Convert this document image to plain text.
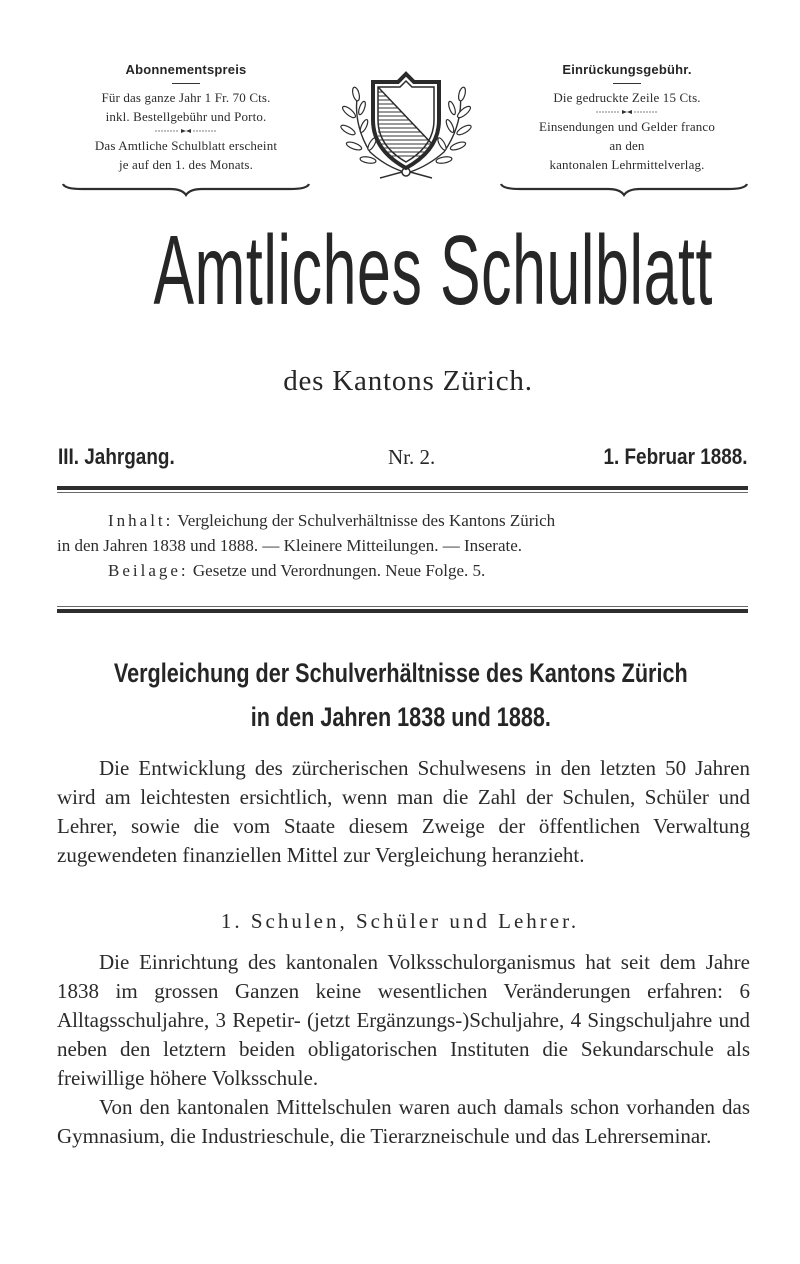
Abonnementspreis
Für das ganze Jahr 1 Fr. 70 Cts.
inkl. Bestellgebühr und Porto.
Das Amtliche Schulblatt erscheint
je auf den 1. des Monats.
Einrückungsgebühr.
Die gedruckte Zeile 15 Cts.
Einsendungen und Gelder franco
an den
kantonalen Lehrmittelverlag.
Amtliches Schulblatt
des Kantons Zürich.
III. Jahrgang.	Nr. 2.	1. Februar 1888.
Inhalt: Vergleichung der Schulverhältnisse des Kantons Zürich
in den Jahren 1838 und 1888. — Kleinere Mitteilungen. — Inserate.
Beilage: Gesetze und Verordnungen. Neue Folge. 5.
Vergleichung der Schulverhältnisse des Kantons Zürich
in den Jahren 1838 und 1888.

Die Entwicklung des zürcherischen Schulwesens in den letzten 50 Jahren wird am leichtesten ersichtlich, wenn man die Zahl der Schulen, Schüler und Lehrer, sowie die vom Staate diesem Zweige der öffentlichen Verwaltung zugewendeten finanziellen Mittel zur Vergleichung heranzieht.

1. Schulen, Schüler und Lehrer.

Die Einrichtung des kantonalen Volksschulorganismus hat seit dem Jahre 1838 im grossen Ganzen keine wesentlichen Veränderungen erfahren: 6 Alltagsschuljahre, 3 Repetir- (jetzt Ergänzungs-)Schuljahre, 4 Singschuljahre und neben den letztern beiden obligatorischen Instituten die Sekundarschule als freiwillige höhere Volksschule.

Von den kantonalen Mittelschulen waren auch damals schon vorhanden das Gymnasium, die Industrieschule, die Tierarzneischule und das Lehrerseminar.
